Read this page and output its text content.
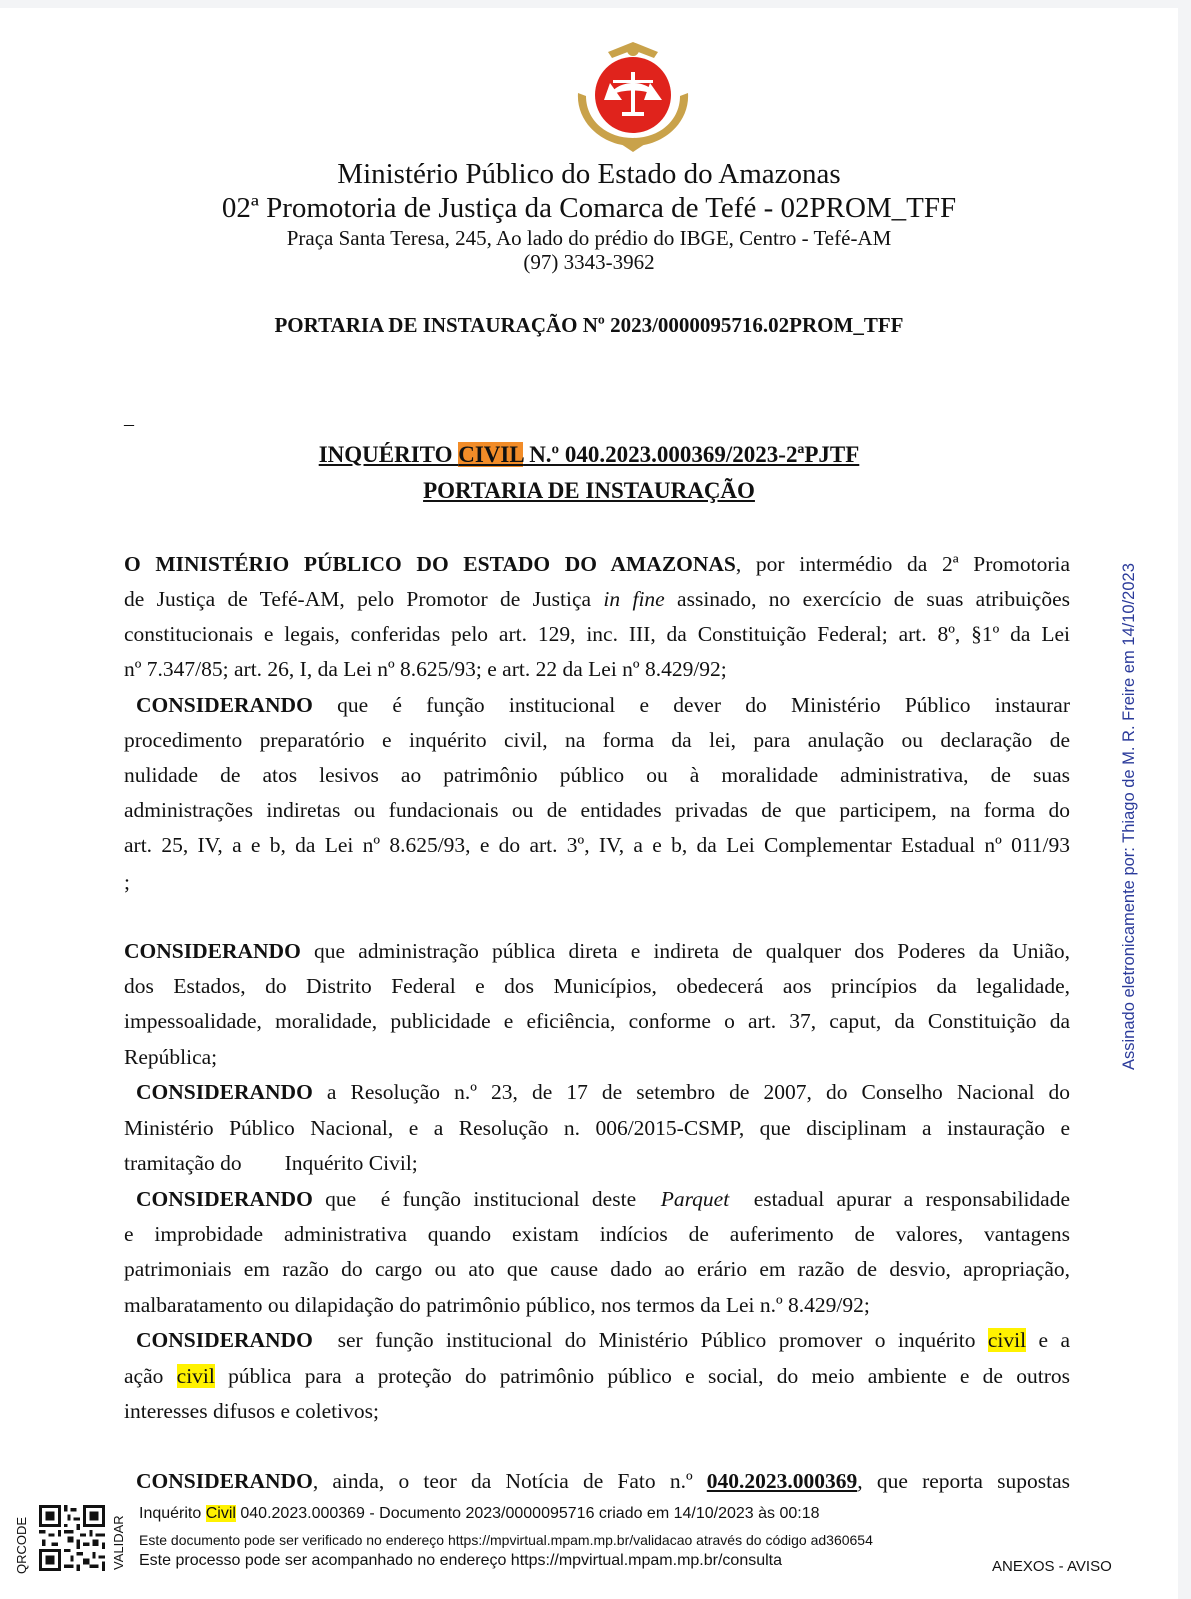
Ministério Público do Estado do Amazonas
02ª Promotoria de Justiça da Comarca de Tefé - 02PROM_TFF
Praça Santa Teresa, 245, Ao lado do prédio do IBGE, Centro - Tefé-AM
(97) 3343-3962
PORTARIA DE INSTAURAÇÃO Nº 2023/0000095716.02PROM_TFF
–
INQUÉRITO CIVIL N.º 040.2023.000369/2023-2ªPJTF
PORTARIA DE INSTAURAÇÃO
O MINISTÉRIO PÚBLICO DO ESTADO DO AMAZONAS, por intermédio da 2ª Promotoria
de Justiça de Tefé-AM, pelo Promotor de Justiça in fine assinado, no exercício de suas atribuições
constitucionais e legais, conferidas pelo art. 129, inc. III, da Constituição Federal; art. 8º, §1º da Lei
nº 7.347/85; art. 26, I, da Lei nº 8.625/93; e art. 22 da Lei nº 8.429/92;
CONSIDERANDO que é função institucional e dever do Ministério Público instaurar
procedimento preparatório e inquérito civil, na forma da lei, para anulação ou declaração de
nulidade de atos lesivos ao patrimônio público ou à moralidade administrativa, de suas
administrações indiretas ou fundacionais ou de entidades privadas de que participem, na forma do
art. 25, IV, a e b, da Lei nº 8.625/93, e do art. 3º, IV, a e b, da Lei Complementar Estadual nº 011/93
;
CONSIDERANDO que administração pública direta e indireta de qualquer dos Poderes da União,
dos Estados, do Distrito Federal e dos Municípios, obedecerá aos princípios da legalidade,
impessoalidade, moralidade, publicidade e eficiência, conforme o art. 37, caput, da Constituição da
República;
CONSIDERANDO a Resolução n.º 23, de 17 de setembro de 2007, do Conselho Nacional do
Ministério Público Nacional, e a Resolução n. 006/2015-CSMP, que disciplinam a instauração e
tramitação do        Inquérito Civil;
CONSIDERANDO que  é função institucional deste  Parquet  estadual apurar a responsabilidade
e improbidade administrativa quando existam indícios de auferimento de valores, vantagens
patrimoniais em razão do cargo ou ato que cause dado ao erário em razão de desvio, apropriação,
malbaratamento ou dilapidação do patrimônio público, nos termos da Lei n.º 8.429/92;
CONSIDERANDO  ser função institucional do Ministério Público promover o inquérito civil e a
ação civil pública para a proteção do patrimônio público e social, do meio ambiente e de outros
interesses difusos e coletivos;
CONSIDERANDO, ainda, o teor da Notícia de Fato n.º 040.2023.000369, que reporta supostas
Assinado eletronicamente por: Thiago de M. R. Freire em 14/10/2023
QRCODE	VALIDAR
Inquérito Civil 040.2023.000369 - Documento 2023/0000095716 criado em 14/10/2023 às 00:18
Este documento pode ser verificado no endereço https://mpvirtual.mpam.mp.br/validacao através do código ad360654
Este processo pode ser acompanhado no endereço https://mpvirtual.mpam.mp.br/consulta	ANEXOS - AVISO
